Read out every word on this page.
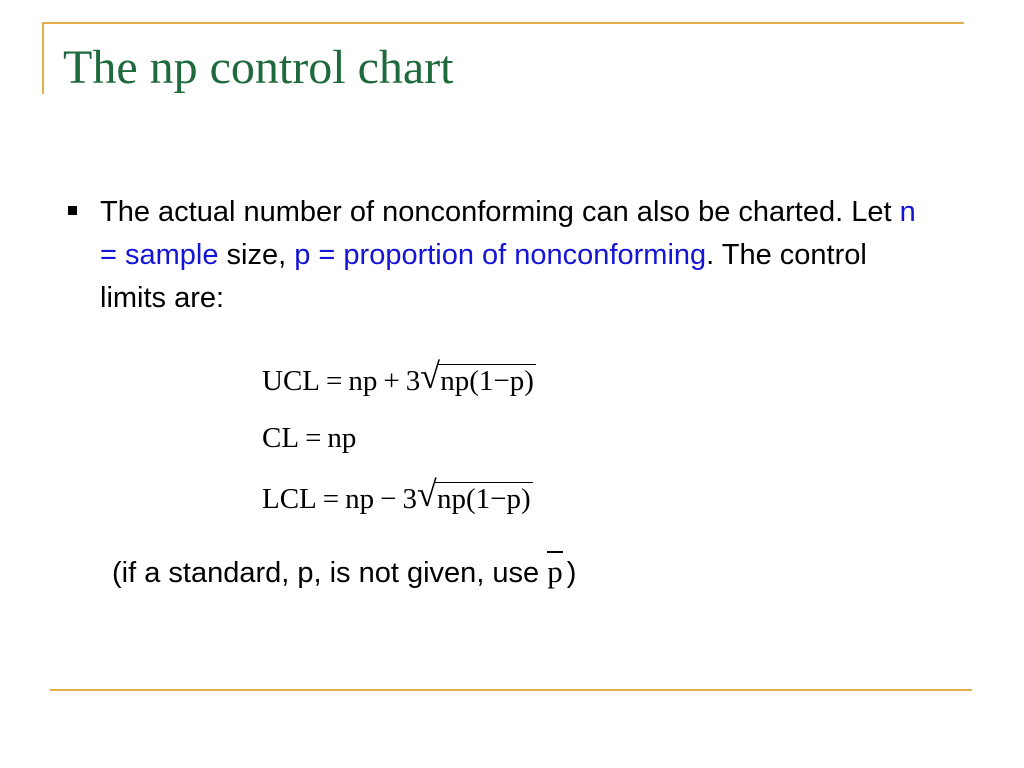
The np control chart
The actual number of nonconforming can also be charted. Let n = sample size, p = proportion of nonconforming. The control limits are:
UCL = np + 3 √ np(1−p)
CL = np
LCL = np − 3 √ np(1−p)
(if a standard, p, is not given, use p )
